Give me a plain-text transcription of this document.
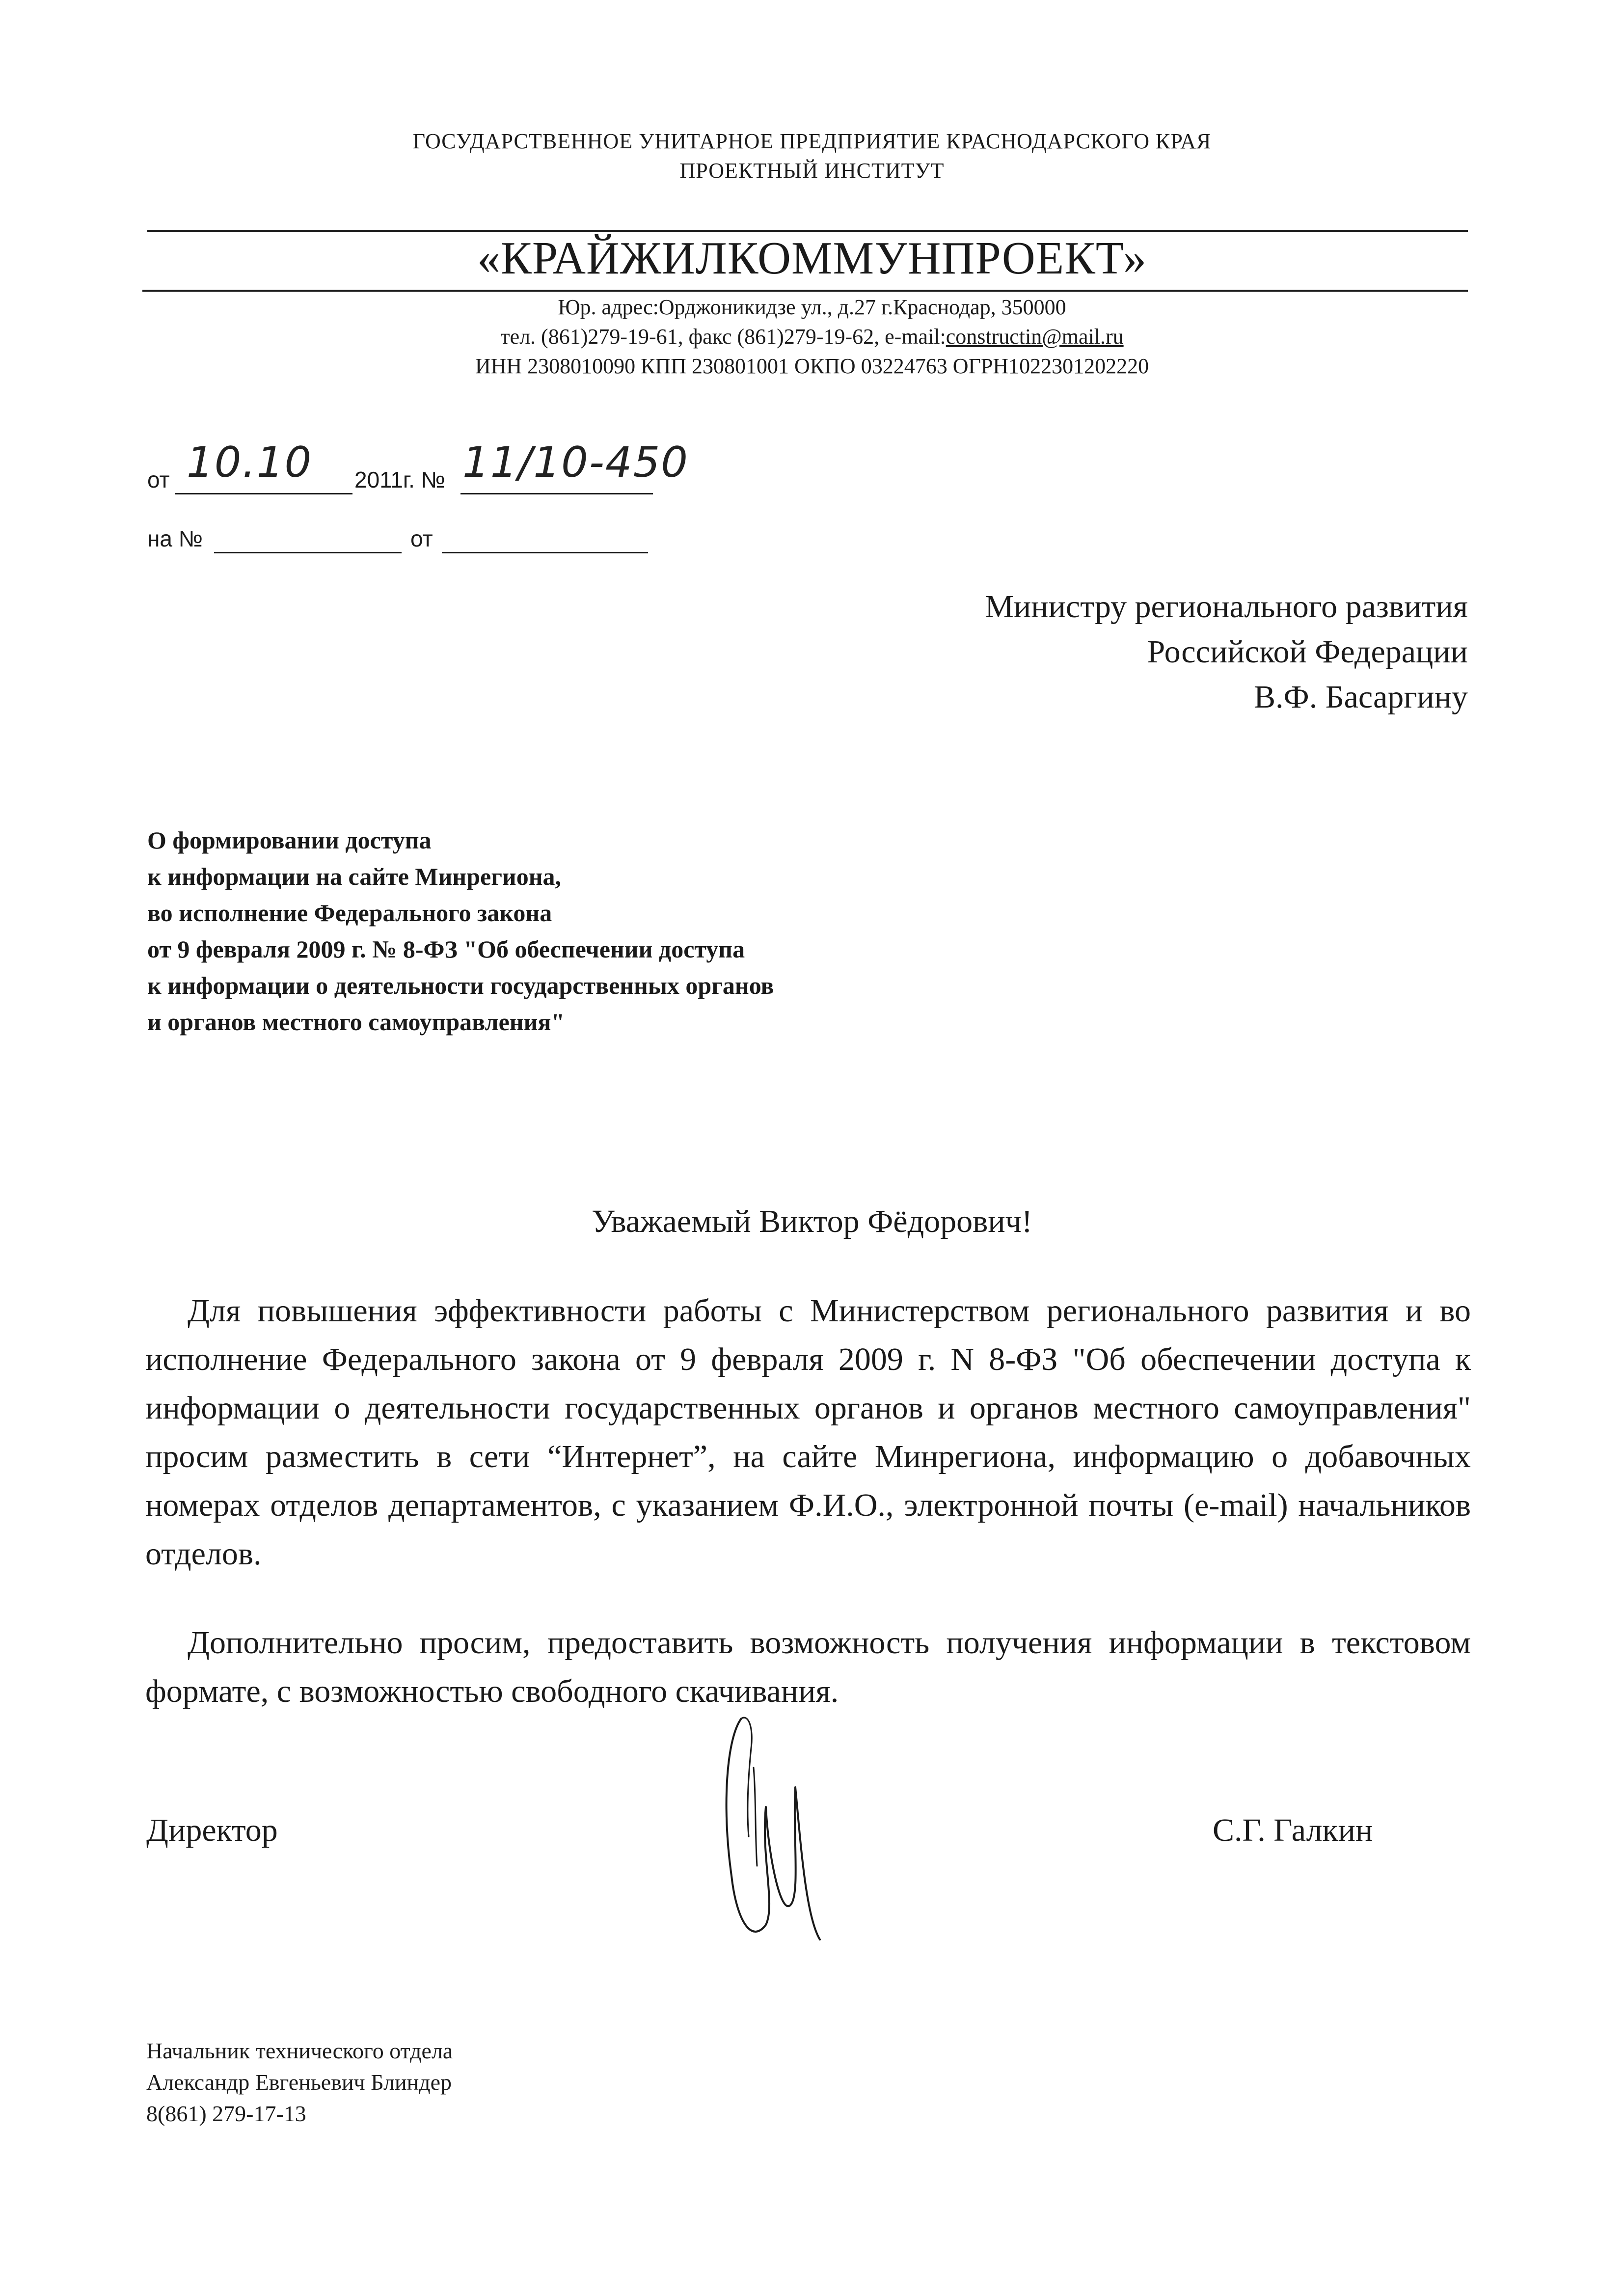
ГОСУДАРСТВЕННОЕ УНИТАРНОЕ ПРЕДПРИЯТИЕ КРАСНОДАРСКОГО КРАЯ
ПРОЕКТНЫЙ ИНСТИТУТ
«КРАЙЖИЛКОММУНПРОЕКТ»
Юр. адрес:Орджоникидзе ул., д.27 г.Краснодар, 350000
тел. (861)279-19-61, факс (861)279-19-62, e-mail:constructin@mail.ru
ИНН 2308010090 КПП 230801001 ОКПО 03224763 ОГРН1022301202220
от 10.10 2011г. № 11/10-450
на №	от
Министру регионального развития
Российской Федерации
В.Ф. Басаргину
О формировании доступа
к информации на сайте Минрегиона,
во исполнение Федерального закона
от 9 февраля 2009 г. № 8-ФЗ "Об обеспечении доступа
к информации о деятельности государственных органов
и органов местного самоуправления"
Уважаемый Виктор Фёдорович!
Для повышения эффективности работы с Министерством регионального развития и во исполнение Федерального закона от 9 февраля 2009 г. N 8-ФЗ "Об обеспечении доступа к информации о деятельности государственных органов и органов местного самоуправления" просим разместить в сети “Интернет”, на сайте Минрегиона, информацию о добавочных номерах отделов департаментов, с указанием Ф.И.О., электронной почты (e-mail) начальников отделов.
Дополнительно просим, предоставить возможность получения информации в текстовом формате, с возможностью свободного скачивания.
Директор	С.Г. Галкин
Начальник технического отдела
Александр Евгеньевич Блиндер
8(861) 279-17-13
